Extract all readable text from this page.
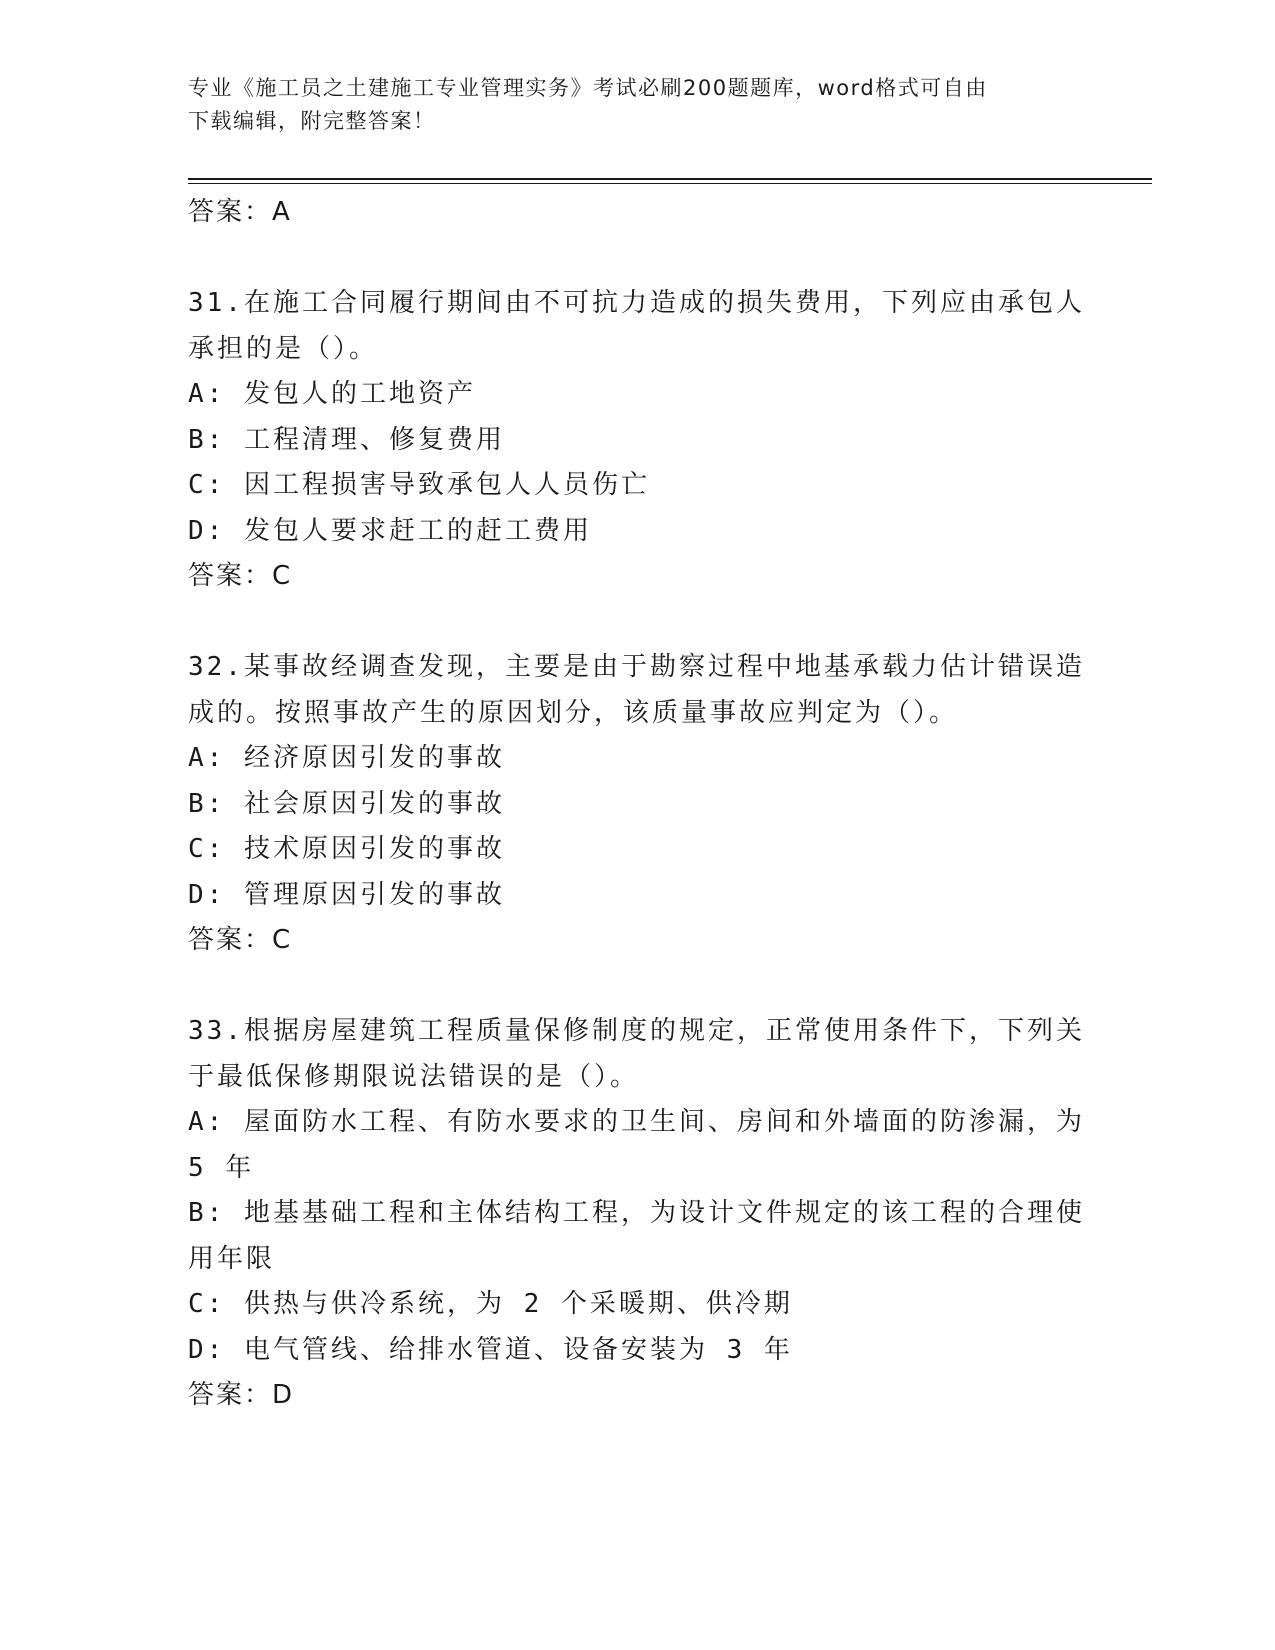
专业《施工员之土建施工专业管理实务》考试必刷200题题库，word格式可自由
下载编辑，附完整答案！

答案：A

31.在施工合同履行期间由不可抗力造成的损失费用，下列应由承包人

承担的是（）。

A: 发包人的工地资产

B: 工程清理、修复费用

C: 因工程损害导致承包人人员伤亡

D: 发包人要求赶工的赶工费用

答案：C

32.某事故经调查发现，主要是由于勘察过程中地基承载力估计错误造

成的。按照事故产生的原因划分，该质量事故应判定为（）。

A: 经济原因引发的事故

B: 社会原因引发的事故

C: 技术原因引发的事故

D: 管理原因引发的事故

答案：C

33.根据房屋建筑工程质量保修制度的规定，正常使用条件下，下列关

于最低保修期限说法错误的是（）。

A: 屋面防水工程、有防水要求的卫生间、房间和外墙面的防渗漏，为

5 年

B: 地基基础工程和主体结构工程，为设计文件规定的该工程的合理使

用年限

C: 供热与供冷系统，为 2 个采暖期、供冷期

D: 电气管线、给排水管道、设备安装为 3 年

答案：D
